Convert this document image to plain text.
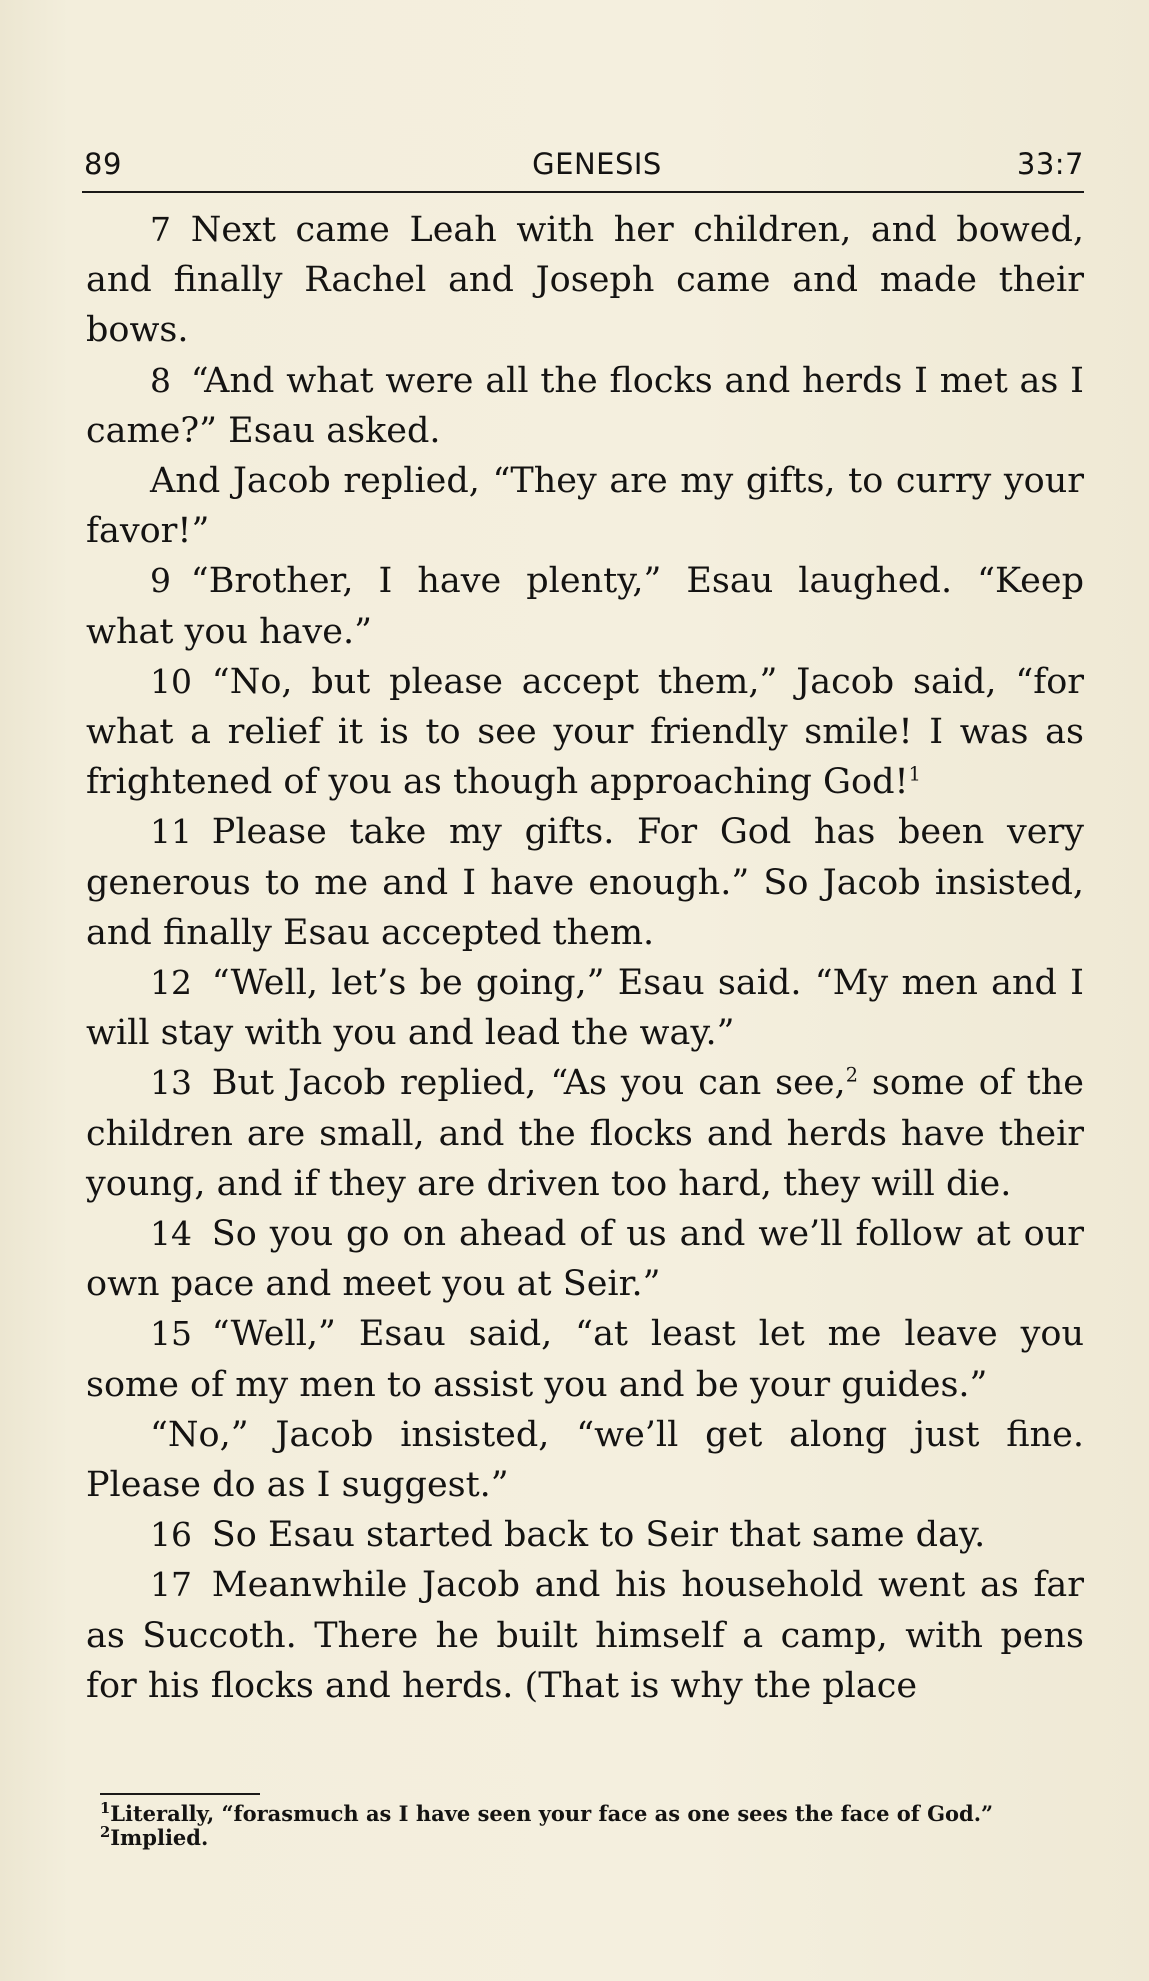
89	GENESIS	33:7

7 Next came Leah with her children, and bowed, and finally Rachel and Joseph came and made their bows.

8 “And what were all the flocks and herds I met as I came?” Esau asked.

And Jacob replied, “They are my gifts, to curry your favor!”

9 “Brother, I have plenty,” Esau laughed. “Keep what you have.”

10 “No, but please accept them,” Jacob said, “for what a relief it is to see your friendly smile! I was as frightened of you as though approaching God!$^1$

11 Please take my gifts. For God has been very generous to me and I have enough.” So Jacob insisted, and finally Esau accepted them.

12 “Well, let’s be going,” Esau said. “My men and I will stay with you and lead the way.”

13 But Jacob replied, “As you can see,$^2$ some of the children are small, and the flocks and herds have their young, and if they are driven too hard, they will die.

14 So you go on ahead of us and we’ll follow at our own pace and meet you at Seir.”

15 “Well,” Esau said, “at least let me leave you some of my men to assist you and be your guides.”

“No,” Jacob insisted, “we’ll get along just fine. Please do as I suggest.”

16 So Esau started back to Seir that same day.

17 Meanwhile Jacob and his household went as far as Succoth. There he built himself a camp, with pens for his flocks and herds. (That is why the place

$^1$Literally, “forasmuch as I have seen your face as one sees the face of God.”
$^2$Implied.
